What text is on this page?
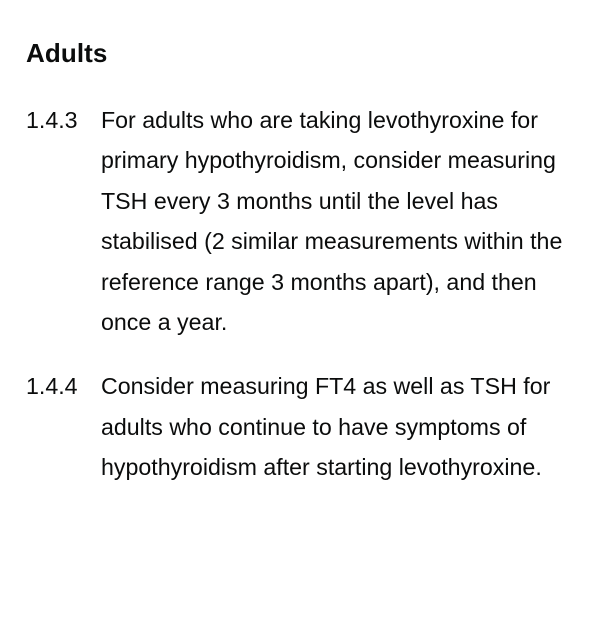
Adults
1.4.3	For adults who are taking levothyroxine for primary hypothyroidism, consider measuring TSH every 3 months until the level has stabilised (2 similar measurements within the reference range 3 months apart), and then once a year.

1.4.4	Consider measuring FT4 as well as TSH for adults who continue to have symptoms of hypothyroidism after starting levothyroxine.
